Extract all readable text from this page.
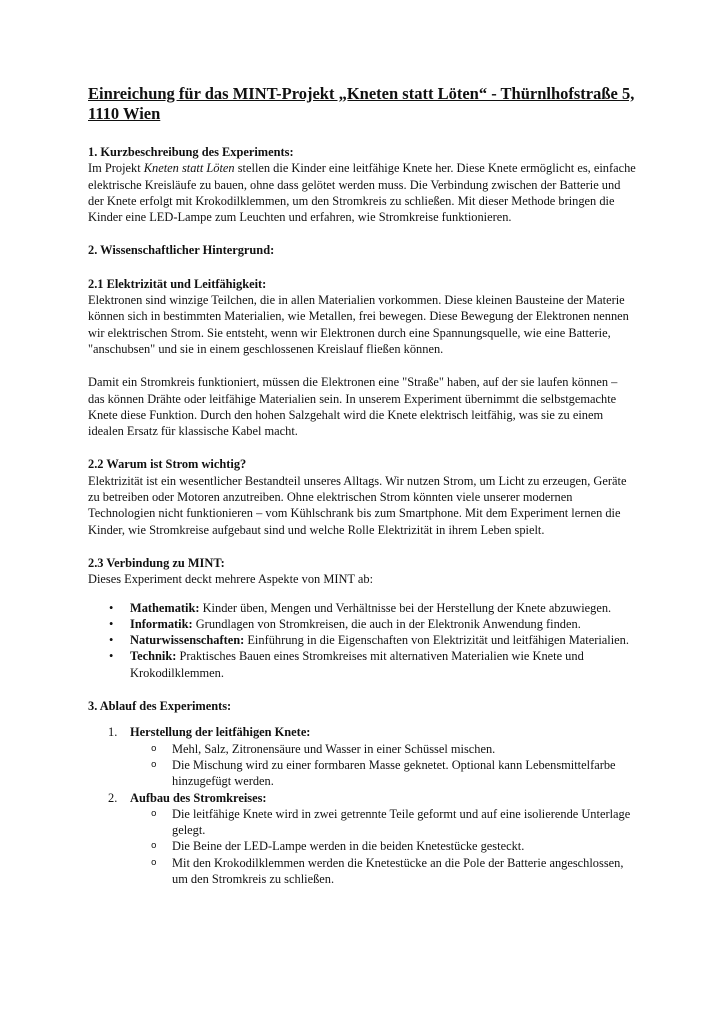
Einreichung für das MINT-Projekt „Kneten statt Löten“ - Thürnlhofstraße 5, 1110 Wien

1. Kurzbeschreibung des Experiments:

Im Projekt Kneten statt Löten stellen die Kinder eine leitfähige Knete her. Diese Knete ermöglicht es, einfache elektrische Kreisläufe zu bauen, ohne dass gelötet werden muss. Die Verbindung zwischen der Batterie und der Knete erfolgt mit Krokodilklemmen, um den Stromkreis zu schließen. Mit dieser Methode bringen die Kinder eine LED-Lampe zum Leuchten und erfahren, wie Stromkreise funktionieren.

2. Wissenschaftlicher Hintergrund:

2.1 Elektrizität und Leitfähigkeit:

Elektronen sind winzige Teilchen, die in allen Materialien vorkommen. Diese kleinen Bausteine der Materie können sich in bestimmten Materialien, wie Metallen, frei bewegen. Diese Bewegung der Elektronen nennen wir elektrischen Strom. Sie entsteht, wenn wir Elektronen durch eine Spannungsquelle, wie eine Batterie, "anschubsen" und sie in einem geschlossenen Kreislauf fließen können.

Damit ein Stromkreis funktioniert, müssen die Elektronen eine "Straße" haben, auf der sie laufen können – das können Drähte oder leitfähige Materialien sein. In unserem Experiment übernimmt die selbstgemachte Knete diese Funktion. Durch den hohen Salzgehalt wird die Knete elektrisch leitfähig, was sie zu einem idealen Ersatz für klassische Kabel macht.

2.2 Warum ist Strom wichtig?

Elektrizität ist ein wesentlicher Bestandteil unseres Alltags. Wir nutzen Strom, um Licht zu erzeugen, Geräte zu betreiben oder Motoren anzutreiben. Ohne elektrischen Strom könnten viele unserer modernen Technologien nicht funktionieren – vom Kühlschrank bis zum Smartphone. Mit dem Experiment lernen die Kinder, wie Stromkreise aufgebaut sind und welche Rolle Elektrizität in ihrem Leben spielt.

2.3 Verbindung zu MINT:

Dieses Experiment deckt mehrere Aspekte von MINT ab:

• Mathematik: Kinder üben, Mengen und Verhältnisse bei der Herstellung der Knete abzuwiegen.
• Informatik: Grundlagen von Stromkreisen, die auch in der Elektronik Anwendung finden.
• Naturwissenschaften: Einführung in die Eigenschaften von Elektrizität und leitfähigen Materialien.
• Technik: Praktisches Bauen eines Stromkreises mit alternativen Materialien wie Knete und Krokodilklemmen.

3. Ablauf des Experiments:

1. Herstellung der leitfähigen Knete:
o Mehl, Salz, Zitronensäure und Wasser in einer Schüssel mischen.
o Die Mischung wird zu einer formbaren Masse geknetet. Optional kann Lebensmittelfarbe hinzugefügt werden.
2. Aufbau des Stromkreises:
o Die leitfähige Knete wird in zwei getrennte Teile geformt und auf eine isolierende Unterlage gelegt.
o Die Beine der LED-Lampe werden in die beiden Knetestücke gesteckt.
o Mit den Krokodilklemmen werden die Knetestücke an die Pole der Batterie angeschlossen, um den Stromkreis zu schließen.
